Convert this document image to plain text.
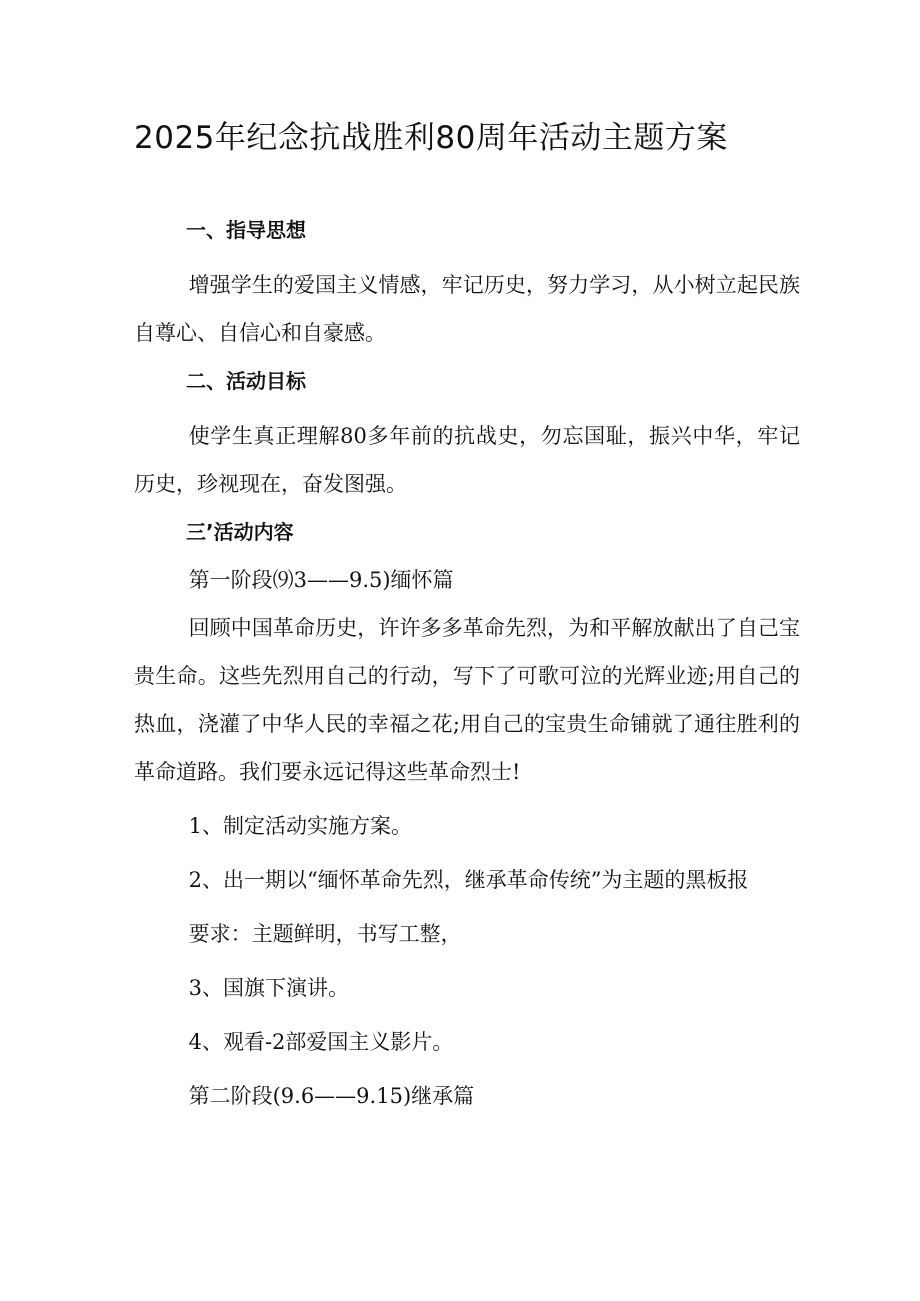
2025年纪念抗战胜利80周年活动主题方案

一、指导思想

增强学生的爱国主义情感，牢记历史，努力学习，从小树立起民族自尊心、自信心和自豪感。

二、活动目标

使学生真正理解80多年前的抗战史，勿忘国耻，振兴中华，牢记历史，珍视现在，奋发图强。

三’活动内容

第一阶段⑼3——9.5)缅怀篇

回顾中国革命历史，许许多多革命先烈，为和平解放献出了自己宝贵生命。这些先烈用自己的行动，写下了可歌可泣的光辉业迹;用自己的热血，浇灌了中华人民的幸福之花;用自己的宝贵生命铺就了通往胜利的革命道路。我们要永远记得这些革命烈士!

1、制定活动实施方案。

2、出一期以“缅怀革命先烈，继承革命传统”为主题的黑板报

要求：主题鲜明，书写工整，

3、国旗下演讲。

4、观看-2部爱国主义影片。

第二阶段(9.6——9.15)继承篇
